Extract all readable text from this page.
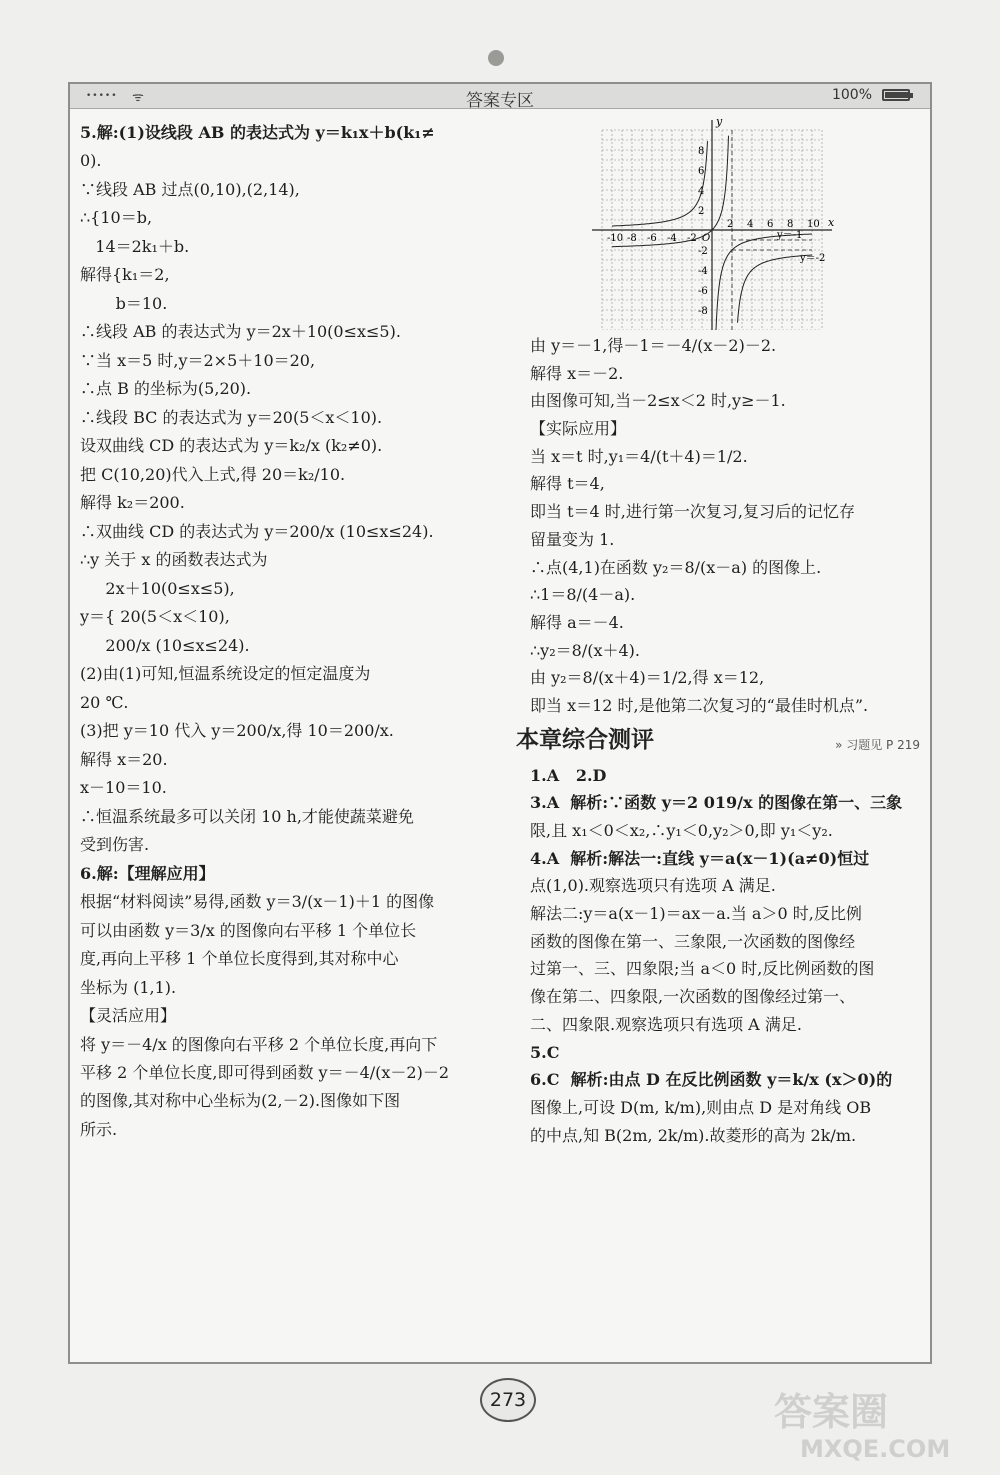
••••• ᯤ	答案专区	100%
5.解:(1)设线段 AB 的表达式为 y＝k₁x＋b(k₁≠
0).
∵线段 AB 过点(0,10),(2,14),
∴{10＝b,
14＝2k₁＋b.
解得{k₁＝2,
b＝10.
∴线段 AB 的表达式为 y＝2x＋10(0≤x≤5).
∵当 x＝5 时,y＝2×5＋10＝20,
∴点 B 的坐标为(5,20).
∴线段 BC 的表达式为 y＝20(5＜x＜10).
设双曲线 CD 的表达式为 y＝k₂/x (k₂≠0).
把 C(10,20)代入上式,得 20＝k₂/10.
解得 k₂＝200.
∴双曲线 CD 的表达式为 y＝200/x (10≤x≤24).
∴y 关于 x 的函数表达式为
2x＋10(0≤x≤5),
y＝{ 20(5＜x＜10),
200/x (10≤x≤24).
(2)由(1)可知,恒温系统设定的恒定温度为
20 ℃.
(3)把 y＝10 代入 y＝200/x,得 10＝200/x.
解得 x＝20.
x－10＝10.
∴恒温系统最多可以关闭 10 h,才能使蔬菜避免
受到伤害.
6.解:【理解应用】
根据“材料阅读”易得,函数 y＝3/(x－1)＋1 的图像
可以由函数 y＝3/x 的图像向右平移 1 个单位长
度,再向上平移 1 个单位长度得到,其对称中心
坐标为 (1,1).
【灵活应用】
将 y＝－4/x 的图像向右平移 2 个单位长度,再向下
平移 2 个单位长度,即可得到函数 y＝－4/(x－2)－2
的图像,其对称中心坐标为(2,－2).图像如下图
所示.
x
y
O
-10 -8 -6 -4 -2
2 4 6 8 10
8
6
4
2
-2
-4
-6
-8
y＝-1
y＝-2
由 y＝－1,得－1＝－4/(x－2)－2.
解得 x＝－2.
由图像可知,当－2≤x＜2 时,y≥－1.
【实际应用】
当 x＝t 时,y₁＝4/(t＋4)＝1/2.
解得 t＝4,
即当 t＝4 时,进行第一次复习,复习后的记忆存
留量变为 1.
∴点(4,1)在函数 y₂＝8/(x－a) 的图像上.
∴1＝8/(4－a).
解得 a＝－4.
∴y₂＝8/(x＋4).
由 y₂＝8/(x＋4)＝1/2,得 x＝12,
即当 x＝12 时,是他第二次复习的“最佳时机点”.
本章综合测评	» 习题见 P 219
1.A   2.D
3.A  解析:∵函数 y＝2 019/x 的图像在第一、三象
限,且 x₁＜0＜x₂,∴y₁＜0,y₂＞0,即 y₁＜y₂.
4.A  解析:解法一:直线 y＝a(x－1)(a≠0)恒过
点(1,0).观察选项只有选项 A 满足.
解法二:y＝a(x－1)＝ax－a.当 a＞0 时,反比例
函数的图像在第一、三象限,一次函数的图像经
过第一、三、四象限;当 a＜0 时,反比例函数的图
像在第二、四象限,一次函数的图像经过第一、
二、四象限.观察选项只有选项 A 满足.
5.C
6.C  解析:由点 D 在反比例函数 y＝k/x (x＞0)的
图像上,可设 D(m, k/m),则由点 D 是对角线 OB
的中点,知 B(2m, 2k/m).故菱形的高为 2k/m.
273	答案圈
MXQE.COM
